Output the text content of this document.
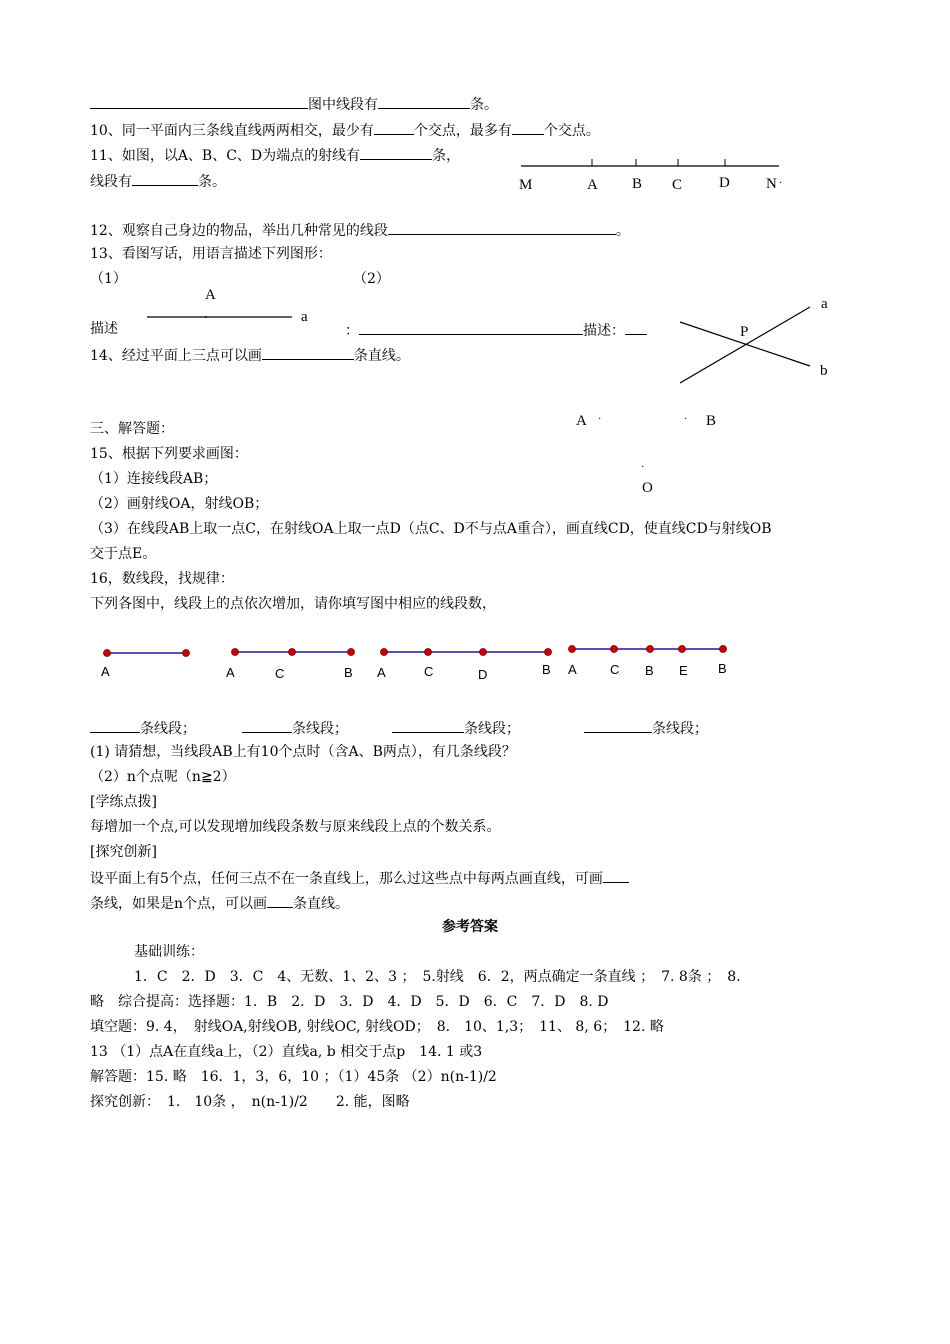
图中线段有	条。
10、同一平面内三条线直线两两相交，最少有	个交点，最多有 个交点。
11、如图，以A、B、C、D为端点的射线有	条，
线段有	条。	M	A B C D N ·
12、观察自己身边的物品，举出几种常见的线段	。
13、看图写话，用语言描述下列图形：
（1）	（2）
A
a
描述	：	描述：	P
a
b
14、经过平面上三点可以画	条直线。
三、解答题：	A ·	· B
·
O
15、根据下列要求画图：
（1）连接线段AB；
（2）画射线OA，射线OB；
（3）在线段AB上取一点C，在射线OA上取一点D（点C、D不与点A重合），画直线CD，使直线CD与射线OB
交于点E。
16，数线段，找规律：
下列各图中，线段上的点依次增加，请你填写图中相应的线段数，
A	A	C	B A	C	D	B A	C B E B
条线段；	条线段；	条线段；	条线段；
(1) 请猜想，当线段AB上有10个点时（含A、B两点），有几条线段？
（2）n个点呢（n≧2）
[学练点拨]
每增加一个点,可以发现增加线段条数与原来线段上点的个数关系。
[探究创新]
设平面上有5个点，任何三点不在一条直线上，那么过这些点中每两点画直线，可画
条线，如果是n个点，可以画 条直线。
参考答案
基础训练：
1．C　2．D　3．C　4、无数、1、2、3 ；　5.射线　6．2，两点确定一条直线 ；　7. 8条 ；　8.
略　综合提高：选择题：1．B　2．D　3．D　4．D　5．D　6．C　7．D　8. D
填空题：9. 4，　射线OA,射线OB, 射线OC, 射线OD；　8.　10、1,3；　11、 8, 6；　12. 略
13 （1）点A在直线a上，（2）直线a, b 相交于点p　14. 1 或3
解答题：15. 略　16．1，3，6，10 ；（1）45条 （2）n(n-1)/2
探究创新：　1.　10条 ，　n(n-1)/2　　2. 能，图略
